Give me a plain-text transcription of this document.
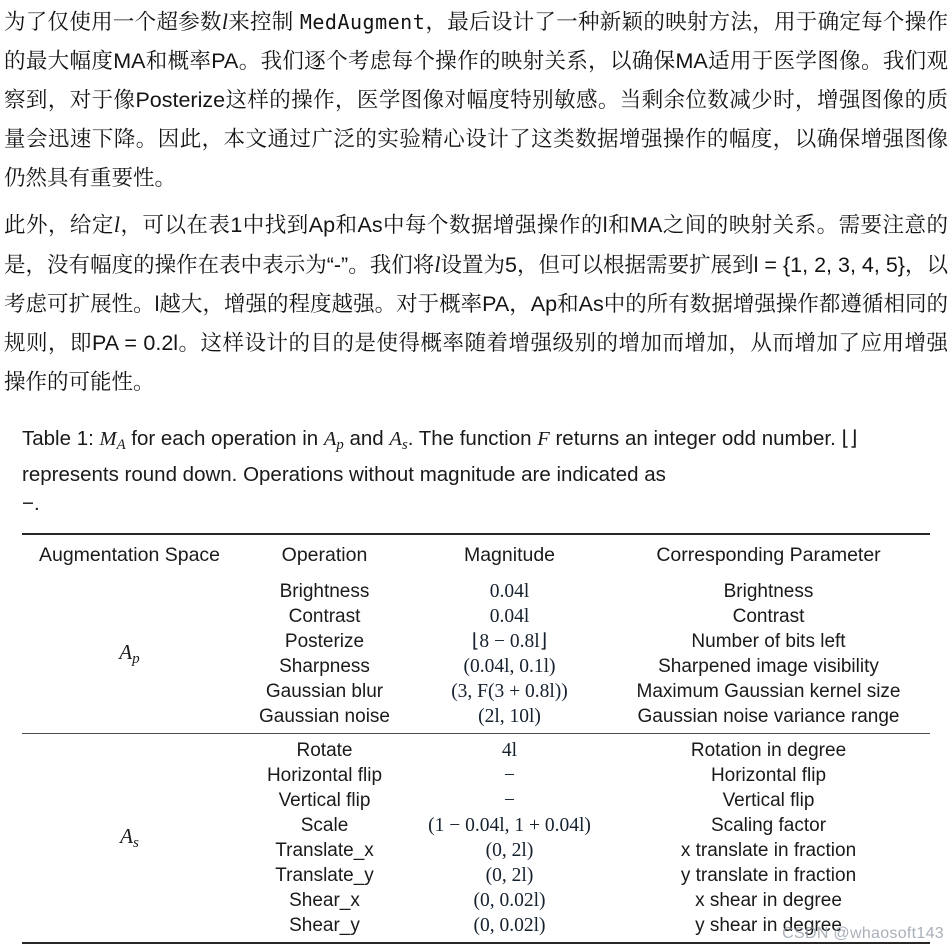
为了仅使用一个超参数l来控制 MedAugment，最后设计了一种新颖的映射方法，用于确定每个操作的最大幅度MA和概率PA。我们逐个考虑每个操作的映射关系，以确保MA适用于医学图像。我们观察到，对于像Posterize这样的操作，医学图像对幅度特别敏感。当剩余位数减少时，增强图像的质量会迅速下降。因此，本文通过广泛的实验精心设计了这类数据增强操作的幅度，以确保增强图像仍然具有重要性。
此外，给定l，可以在表1中找到Ap和As中每个数据增强操作的l和MA之间的映射关系。需要注意的是，没有幅度的操作在表中表示为“-”。我们将l设置为5，但可以根据需要扩展到l = {1, 2, 3, 4, 5}，以考虑可扩展性。l越大，增强的程度越强。对于概率PA，Ap和As中的所有数据增强操作都遵循相同的规则，即PA = 0.2l。这样设计的目的是使得概率随着增强级别的增加而增加，从而增加了应用增强操作的可能性。
Table 1: $M_A$ for each operation in $A_p$ and $A_s$. The function F returns an integer odd number. ⌊⌋ represents round down. Operations without magnitude are indicated as
−.
Augmentation Space	Operation	Magnitude	Corresponding Parameter
$A_p$	Brightness	0.04l	Brightness
	Contrast	0.04l	Contrast
	Posterize	⌊8 − 0.8l⌋	Number of bits left
	Sharpness	(0.04l, 0.1l)	Sharpened image visibility
	Gaussian blur	(3, F(3 + 0.8l))	Maximum Gaussian kernel size
	Gaussian noise	(2l, 10l)	Gaussian noise variance range
$A_s$	Rotate	4l	Rotation in degree
	Horizontal flip	−	Horizontal flip
	Vertical flip	−	Vertical flip
	Scale	(1 − 0.04l, 1 + 0.04l)	Scaling factor
	Translate_x	(0, 2l)	x translate in fraction
	Translate_y	(0, 2l)	y translate in fraction
	Shear_x	(0, 0.02l)	x shear in degree
	Shear_y	(0, 0.02l)	y shear in degree

CSDN @whaosoft143
